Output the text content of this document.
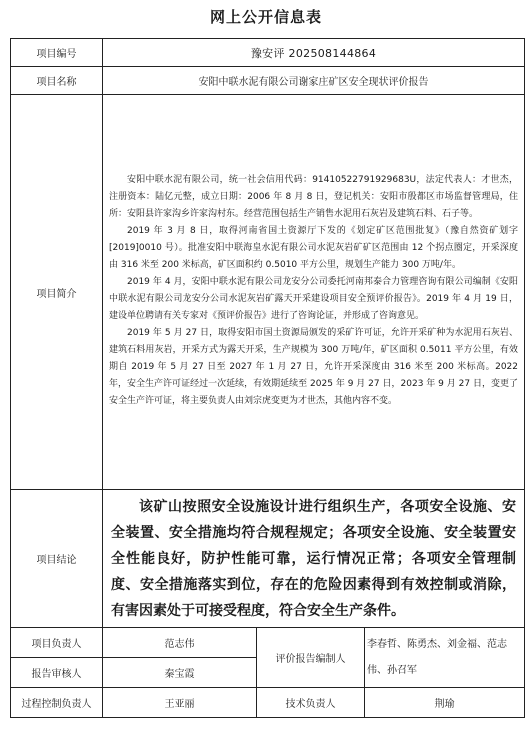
网上公开信息表
项目编号	豫安评 202508144864		
项目名称	安阳中联水泥有限公司谢家庄矿区安全现状评价报告		
项目简介	安阳中联水泥有限公司，统一社会信用代码：91410522791929683U，法定代表人：才世杰，注册资本：陆亿元整，成立日期：2006 年 8 月 8 日，登记机关：安阳市殷都区市场监督管理局，住所：安阳县许家沟乡许家沟村东。经营范围包括生产销售水泥用石灰岩及建筑石料、石子等。

2019 年 3 月 8 日，取得河南省国土资源厅下发的《划定矿区范围批复》（豫自然资矿划字[2019]0010 号）。批准安阳中联海皇水泥有限公司水泥灰岩矿矿区范围由 12 个拐点圈定，开采深度由 316 米至 200 米标高，矿区面积约 0.5010 平方公里，规划生产能力 300 万吨/年。

2019 年 4 月，安阳中联水泥有限公司龙安分公司委托河南邦泰合力管理咨询有限公司编制《安阳中联水泥有限公司龙安分公司水泥灰岩矿露天开采建设项目安全预评价报告》。2019 年 4 月 19 日，建设单位聘请有关专家对《预评价报告》进行了咨询论证，并形成了咨询意见。

2019 年 5 月 27 日，取得安阳市国土资源局颁发的采矿许可证，允许开采矿种为水泥用石灰岩、建筑石料用灰岩，开采方式为露天开采，生产规模为 300 万吨/年，矿区面积 0.5011 平方公里，有效期自 2019 年 5 月 27 日至 2027 年 1 月 27 日，允许开采深度由 316 米至 200 米标高。2022 年，安全生产许可证经过一次延续，有效期延续至 2025 年 9 月 27 日，2023 年 9 月 27 日，变更了安全生产许可证，将主要负责人由刘宗虎变更为才世杰，其他内容不变。		

项目结论	该矿山按照安全设施设计进行组织生产，各项安全设施、安全装置、安全措施均符合规程规定；各项安全设施、安全装置安全性能良好，防护性能可靠，运行情况正常；各项安全管理制度、安全措施落实到位，存在的危险因素得到有效控制或消除，有害因素处于可接受程度，符合安全生产条件。		
项目负责人	范志伟	评价报告编制人	李春哲、陈勇杰、刘金福、范志伟、孙召军
报告审核人	秦宝霞		
过程控制负责人	王亚丽	技术负责人	荆瑜
